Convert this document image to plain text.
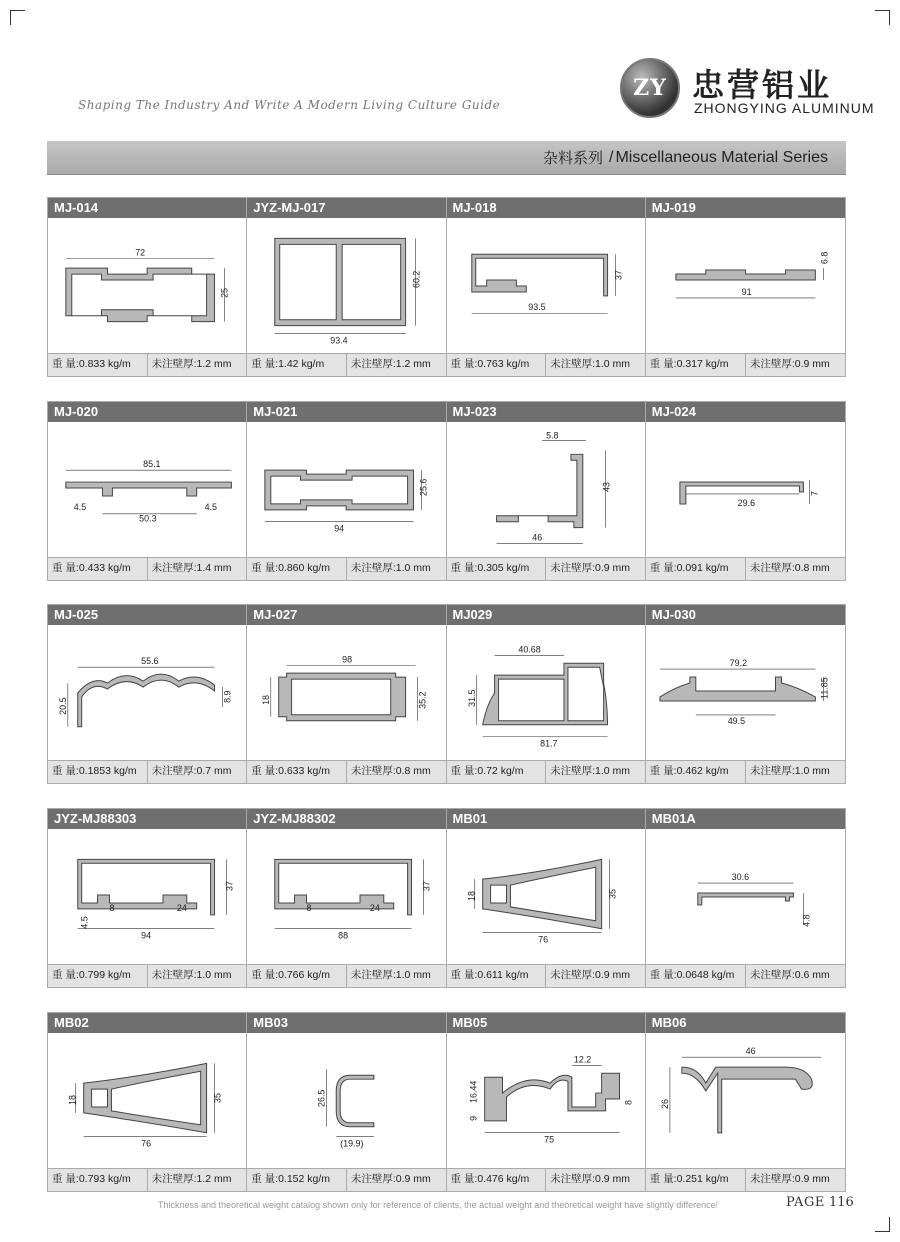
Shaping The Industry And Write A Modern Living Culture Guide
ZY 忠营铝业
ZHONGYING ALUMINUM
杂料系列 / Miscellaneous Material Series
MJ-014
72
25
重 量:0.833 kg/m	未注壁厚:1.2 mm
JYZ-MJ-017
93.4
60.2
重 量:1.42 kg/m	未注壁厚:1.2 mm
MJ-018
93.5
37
重 量:0.763 kg/m	未注壁厚:1.0 mm
MJ-019
91
6.8
重 量:0.317 kg/m	未注壁厚:0.9 mm
MJ-020
85.1
50.3
4.5	4.5
重 量:0.433 kg/m	未注壁厚:1.4 mm
MJ-021
94
25.6
重 量:0.860 kg/m	未注壁厚:1.0 mm
MJ-023
5.8
43
46
重 量:0.305 kg/m	未注壁厚:0.9 mm
MJ-024
29.6
7
重 量:0.091 kg/m	未注壁厚:0.8 mm
MJ-025
55.6
20.5
8.9
重 量:0.1853 kg/m	未注壁厚:0.7 mm
MJ-027
98
18	35.2
重 量:0.633 kg/m	未注壁厚:0.8 mm
MJ029
40.68
31.5
81.7
重 量:0.72 kg/m	未注壁厚:1.0 mm
MJ-030
79.2
11.85
49.5
重 量:0.462 kg/m	未注壁厚:1.0 mm
JYZ-MJ88303
94
37
8	24
4.5
重 量:0.799 kg/m	未注壁厚:1.0 mm
JYZ-MJ88302
88
37
8	24
重 量:0.766 kg/m	未注壁厚:1.0 mm
MB01
76
18	35
重 量:0.611 kg/m	未注壁厚:0.9 mm
MB01A
30.6
4.8
重 量:0.0648 kg/m	未注壁厚:0.6 mm
MB02
76
18	35
重 量:0.793 kg/m	未注壁厚:1.2 mm
MB03
26.5
(19.9)
重 量:0.152 kg/m	未注壁厚:0.9 mm
MB05
75
12.2
9
16.44	8
重 量:0.476 kg/m	未注壁厚:0.9 mm
MB06
46
26
重 量:0.251 kg/m	未注壁厚:0.9 mm
Thickness and theoretical weight catalog shown only for reference of clients, the actual weight and theoretical weight have slightly difference!	PAGE 116
